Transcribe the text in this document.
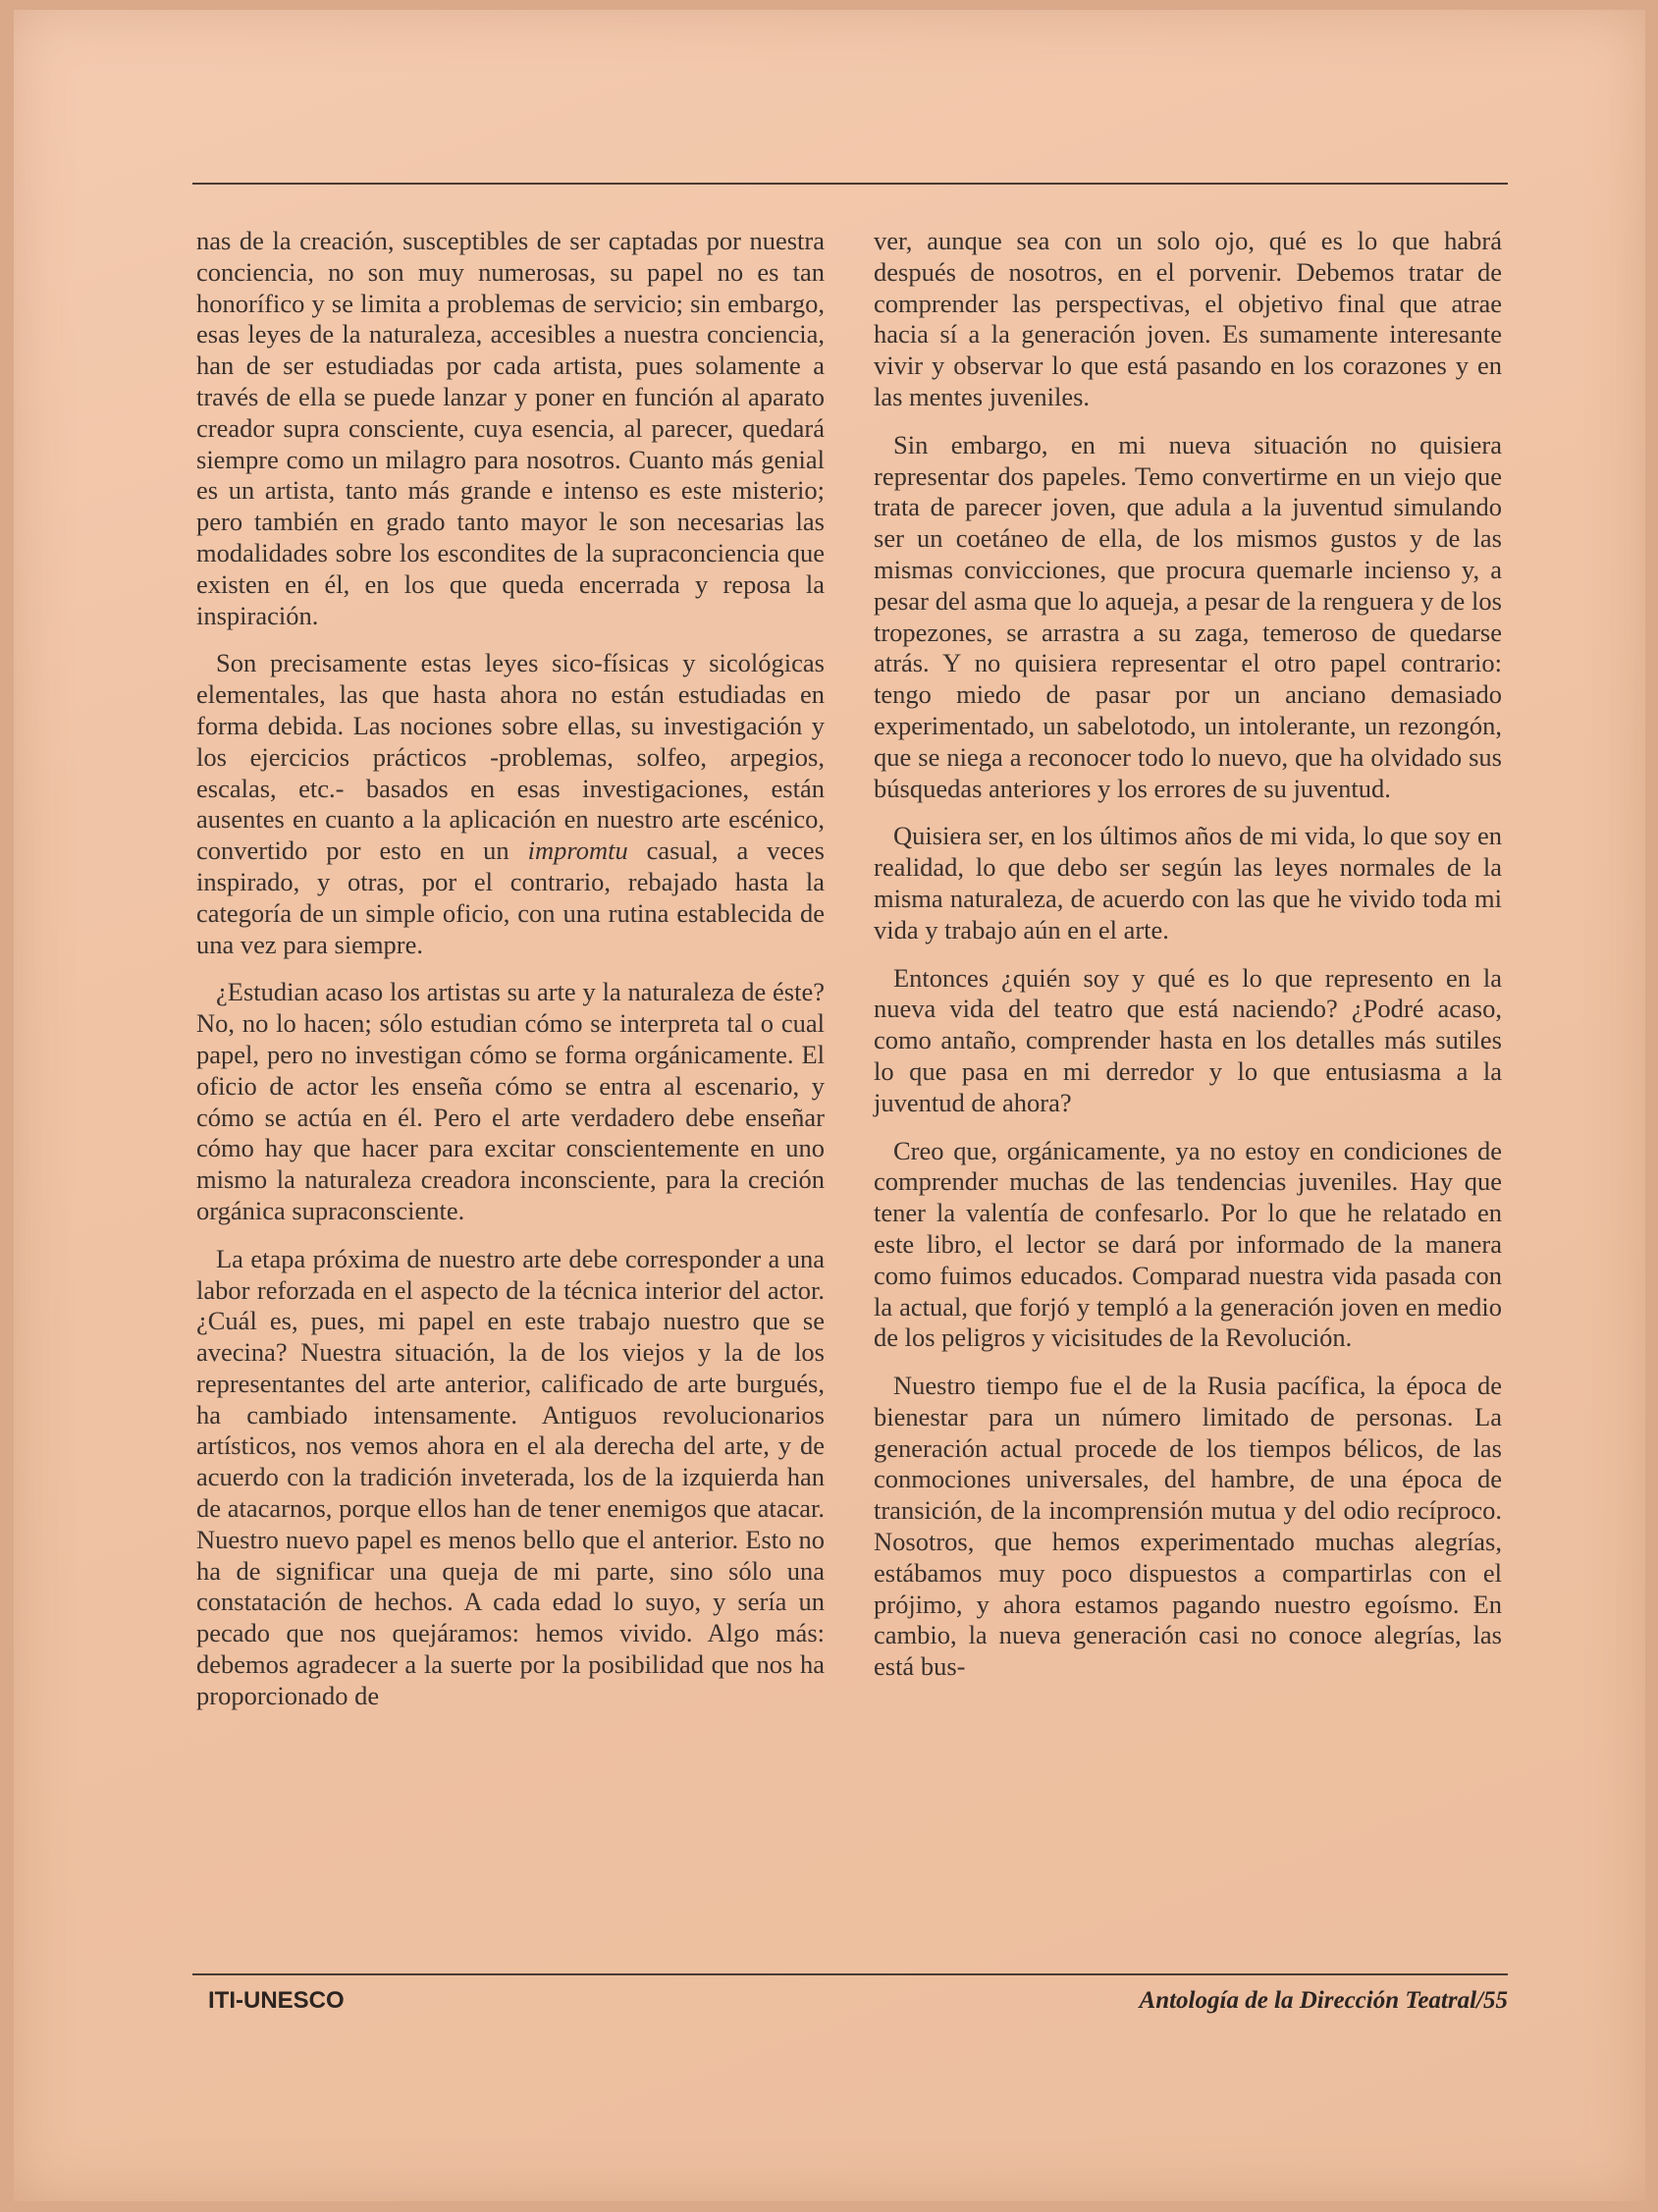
nas de la creación, susceptibles de ser captadas por nuestra conciencia, no son muy numerosas, su papel no es tan honorífico y se limita a problemas de servicio; sin embargo, esas leyes de la naturaleza, accesibles a nuestra conciencia, han de ser estudiadas por cada artista, pues solamente a través de ella se puede lanzar y poner en función al aparato creador supra consciente, cuya esencia, al parecer, quedará siempre como un milagro para nosotros. Cuanto más genial es un artista, tanto más grande e intenso es este misterio; pero también en grado tanto mayor le son necesarias las modalidades sobre los escondites de la supraconciencia que existen en él, en los que queda encerrada y reposa la inspiración.

Son precisamente estas leyes sico-físicas y sicológicas elementales, las que hasta ahora no están estudiadas en forma debida. Las nociones sobre ellas, su investigación y los ejercicios prácticos -problemas, solfeo, arpegios, escalas, etc.- basados en esas investigaciones, están ausentes en cuanto a la aplicación en nuestro arte escénico, convertido por esto en un impromtu casual, a veces inspirado, y otras, por el contrario, rebajado hasta la categoría de un simple oficio, con una rutina establecida de una vez para siempre.

¿Estudian acaso los artistas su arte y la naturaleza de éste? No, no lo hacen; sólo estudian cómo se interpreta tal o cual papel, pero no investigan cómo se forma orgánicamente. El oficio de actor les enseña cómo se entra al escenario, y cómo se actúa en él. Pero el arte verdadero debe enseñar cómo hay que hacer para excitar conscientemente en uno mismo la naturaleza creadora inconsciente, para la creción orgánica supraconsciente.

La etapa próxima de nuestro arte debe corresponder a una labor reforzada en el aspecto de la técnica interior del actor. ¿Cuál es, pues, mi papel en este trabajo nuestro que se avecina? Nuestra situación, la de los viejos y la de los representantes del arte anterior, calificado de arte burgués, ha cambiado intensamente. Antiguos revolucionarios artísticos, nos vemos ahora en el ala derecha del arte, y de acuerdo con la tradición inveterada, los de la izquierda han de atacarnos, porque ellos han de tener enemigos que atacar. Nuestro nuevo papel es menos bello que el anterior. Esto no ha de significar una queja de mi parte, sino sólo una constatación de hechos. A cada edad lo suyo, y sería un pecado que nos quejáramos: hemos vivido. Algo más: debemos agradecer a la suerte por la posibilidad que nos ha proporcionado de

ver, aunque sea con un solo ojo, qué es lo que habrá después de nosotros, en el porvenir. Debemos tratar de comprender las perspectivas, el objetivo final que atrae hacia sí a la generación joven. Es sumamente interesante vivir y observar lo que está pasando en los corazones y en las mentes juveniles.

Sin embargo, en mi nueva situación no quisiera representar dos papeles. Temo convertirme en un viejo que trata de parecer joven, que adula a la juventud simulando ser un coetáneo de ella, de los mismos gustos y de las mismas convicciones, que procura quemarle incienso y, a pesar del asma que lo aqueja, a pesar de la renguera y de los tropezones, se arrastra a su zaga, temeroso de quedarse atrás. Y no quisiera representar el otro papel contrario: tengo miedo de pasar por un anciano demasiado experimentado, un sabelotodo, un intolerante, un rezongón, que se niega a reconocer todo lo nuevo, que ha olvidado sus búsquedas anteriores y los errores de su juventud.

Quisiera ser, en los últimos años de mi vida, lo que soy en realidad, lo que debo ser según las leyes normales de la misma naturaleza, de acuerdo con las que he vivido toda mi vida y trabajo aún en el arte.

Entonces ¿quién soy y qué es lo que represento en la nueva vida del teatro que está naciendo? ¿Podré acaso, como antaño, comprender hasta en los detalles más sutiles lo que pasa en mi derredor y lo que entusiasma a la juventud de ahora?

Creo que, orgánicamente, ya no estoy en condiciones de comprender muchas de las tendencias juveniles. Hay que tener la valentía de confesarlo. Por lo que he relatado en este libro, el lector se dará por informado de la manera como fuimos educados. Comparad nuestra vida pasada con la actual, que forjó y templó a la generación joven en medio de los peligros y vicisitudes de la Revolución.

Nuestro tiempo fue el de la Rusia pacífica, la época de bienestar para un número limitado de personas. La generación actual procede de los tiempos bélicos, de las conmociones universales, del hambre, de una época de transición, de la incomprensión mutua y del odio recíproco. Nosotros, que hemos experimentado muchas alegrías, estábamos muy poco dispuestos a compartirlas con el prójimo, y ahora estamos pagando nuestro egoísmo. En cambio, la nueva generación casi no conoce alegrías, las está bus-

ITI-UNESCO	Antología de la Dirección Teatral/55
